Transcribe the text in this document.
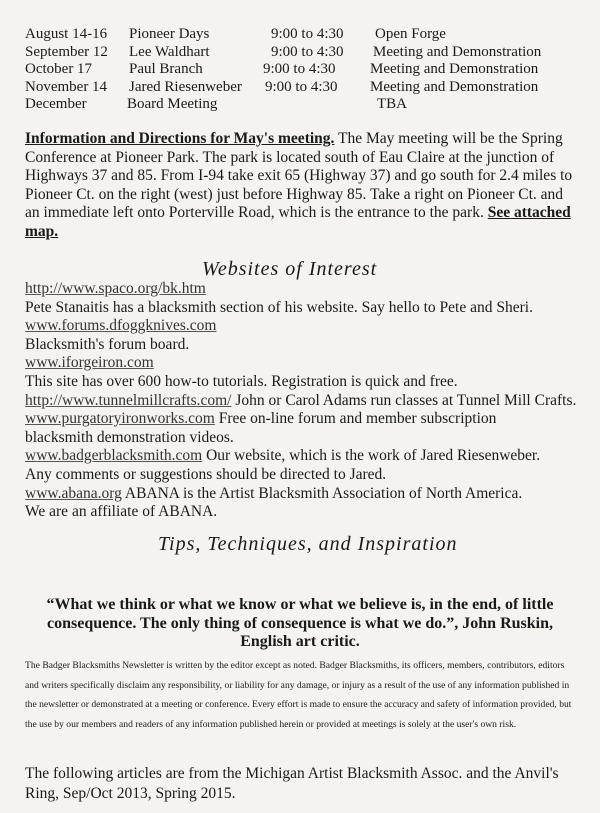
August 14-16 Pioneer Days	9:00 to 4:30 Open Forge
September 12 Lee Waldhart	9:00 to 4:30 Meeting and Demonstration
October 17 Paul Branch	9:00 to 4:30 Meeting and Demonstration
November 14 Jared Riesenweber 9:00 to 4:30 Meeting and Demonstration
December	Board Meeting	TBA
Information and Directions for May's meeting. The May meeting will be the Spring Conference at Pioneer Park. The park is located south of Eau Claire at the junction of Highways 37 and 85. From I-94 take exit 65 (Highway 37) and go south for 2.4 miles to Pioneer Ct. on the right (west) just before Highway 85. Take a right on Pioneer Ct. and an immediate left onto Porterville Road, which is the entrance to the park. See attached map.
Websites of Interest
http://www.spaco.org/bk.htm
Pete Stanaitis has a blacksmith section of his website. Say hello to Pete and Sheri.
www.forums.dfoggknives.com
Blacksmith's forum board.
www.iforgeiron.com
This site has over 600 how-to tutorials. Registration is quick and free.
http://www.tunnelmillcrafts.com/ John or Carol Adams run classes at Tunnel Mill Crafts.
www.purgatoryironworks.com Free on-line forum and member subscription
blacksmith demonstration videos.
www.badgerblacksmith.com Our website, which is the work of Jared Riesenweber.
Any comments or suggestions should be directed to Jared.
www.abana.org ABANA is the Artist Blacksmith Association of North America.
We are an affiliate of ABANA.
Tips, Techniques, and Inspiration
“What we think or what we know or what we believe is, in the end, of little consequence. The only thing of consequence is what we do.”, John Ruskin, English art critic.
The Badger Blacksmiths Newsletter is written by the editor except as noted. Badger Blacksmiths, its officers, members, contributors, editors and writers specifically disclaim any responsibility, or liability for any damage, or injury as a result of the use of any information published in the newsletter or demonstrated at a meeting or conference. Every effort is made to ensure the accuracy and safety of information provided, but the use by our members and readers of any information published herein or provided at meetings is solely at the user's own risk.
The following articles are from the Michigan Artist Blacksmith Assoc. and the Anvil's Ring, Sep/Oct 2013, Spring 2015.
